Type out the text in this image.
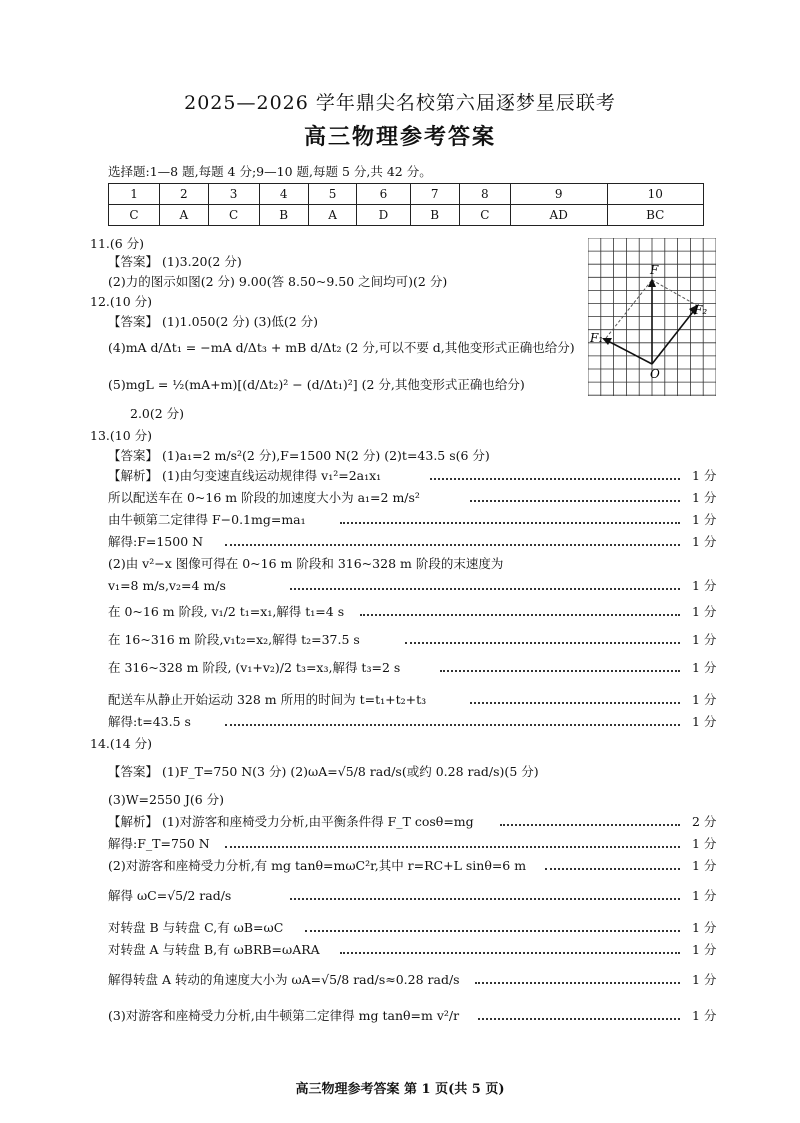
2025—2026 学年鼎尖名校第六届逐梦星辰联考
高三物理参考答案
选择题:1—8 题,每题 4 分;9—10 题,每题 5 分,共 42 分。
1	2	3	4	5	6	7	8	9	10
C	A	C	B	A	D	B	C	AD	BC
F
F₂
F₁
O
11.(6 分)
【答案】 (1)3.20(2 分)
(2)力的图示如图(2 分) 9.00(答 8.50~9.50 之间均可)(2 分)
12.(10 分)
【答案】 (1)1.050(2 分) (3)低(2 分)
(4)mA d/Δt₁ = −mA d/Δt₃ + mB d/Δt₂ (2 分,可以不要 d,其他变形式正确也给分)
(5)mgL = ½(mA+m)[(d/Δt₂)² − (d/Δt₁)²] (2 分,其他变形式正确也给分)
2.0(2 分)
13.(10 分)
【答案】 (1)a₁=2 m/s²(2 分),F=1500 N(2 分) (2)t=43.5 s(6 分)
【解析】 (1)由匀变速直线运动规律得 v₁²=2a₁x₁	1 分
所以配送车在 0~16 m 阶段的加速度大小为 a₁=2 m/s²	1 分
由牛顿第二定律得 F−0.1mg=ma₁	1 分
解得:F=1500 N	1 分
(2)由 v²−x 图像可得在 0~16 m 阶段和 316~328 m 阶段的末速度为
v₁=8 m/s,v₂=4 m/s	1 分
在 0~16 m 阶段, v₁/2 t₁=x₁,解得 t₁=4 s	1 分
在 16~316 m 阶段,v₁t₂=x₂,解得 t₂=37.5 s	1 分
在 316~328 m 阶段, (v₁+v₂)/2 t₃=x₃,解得 t₃=2 s	1 分
配送车从静止开始运动 328 m 所用的时间为 t=t₁+t₂+t₃	1 分
解得:t=43.5 s	1 分
14.(14 分)
【答案】 (1)F_T=750 N(3 分) (2)ωA=√5/8 rad/s(或约 0.28 rad/s)(5 分)
(3)W=2550 J(6 分)
【解析】 (1)对游客和座椅受力分析,由平衡条件得 F_T cosθ=mg	2 分
解得:F_T=750 N	1 分
(2)对游客和座椅受力分析,有 mg tanθ=mωC²r,其中 r=RC+L sinθ=6 m	1 分
解得 ωC=√5/2 rad/s	1 分
对转盘 B 与转盘 C,有 ωB=ωC	1 分
对转盘 A 与转盘 B,有 ωBRB=ωARA	1 分
解得转盘 A 转动的角速度大小为 ωA=√5/8 rad/s≈0.28 rad/s	1 分
(3)对游客和座椅受力分析,由牛顿第二定律得 mg tanθ=m v²/r	1 分
高三物理参考答案 第 1 页(共 5 页)
